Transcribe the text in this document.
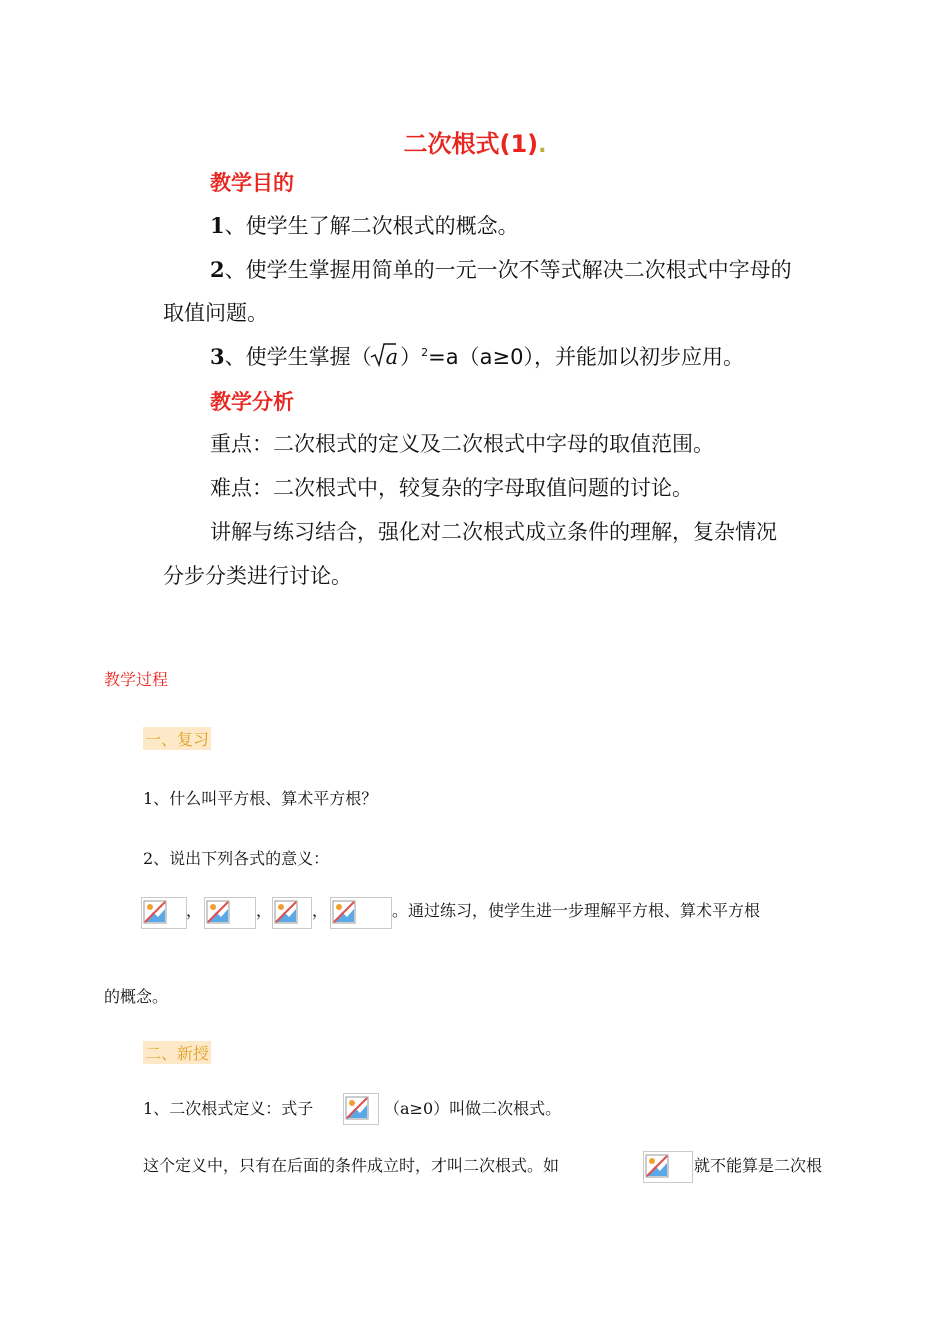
二次根式(1).
教学目的
1、使学生了解二次根式的概念。
2、使学生掌握用简单的一元一次不等式解决二次根式中字母的
取值问题。
3、使学生掌握（ a）$^2$=a（a≥0），并能加以初步应用。
教学分析
重点：二次根式的定义及二次根式中字母的取值范围。
难点：二次根式中，较复杂的字母取值问题的讨论。
讲解与练习结合，强化对二次根式成立条件的理解，复杂情况
分步分类进行讨论。
教学过程
一、复习
1、什么叫平方根、算术平方根？
2、说出下列各式的意义：
，	， ，	。通过练习，使学生进一步理解平方根、算术平方根
的概念。
二、新授
1、二次根式定义：式子	（a≥0）叫做二次根式。
这个定义中，只有在后面的条件成立时，才叫二次根式。如	就不能算是二次根
